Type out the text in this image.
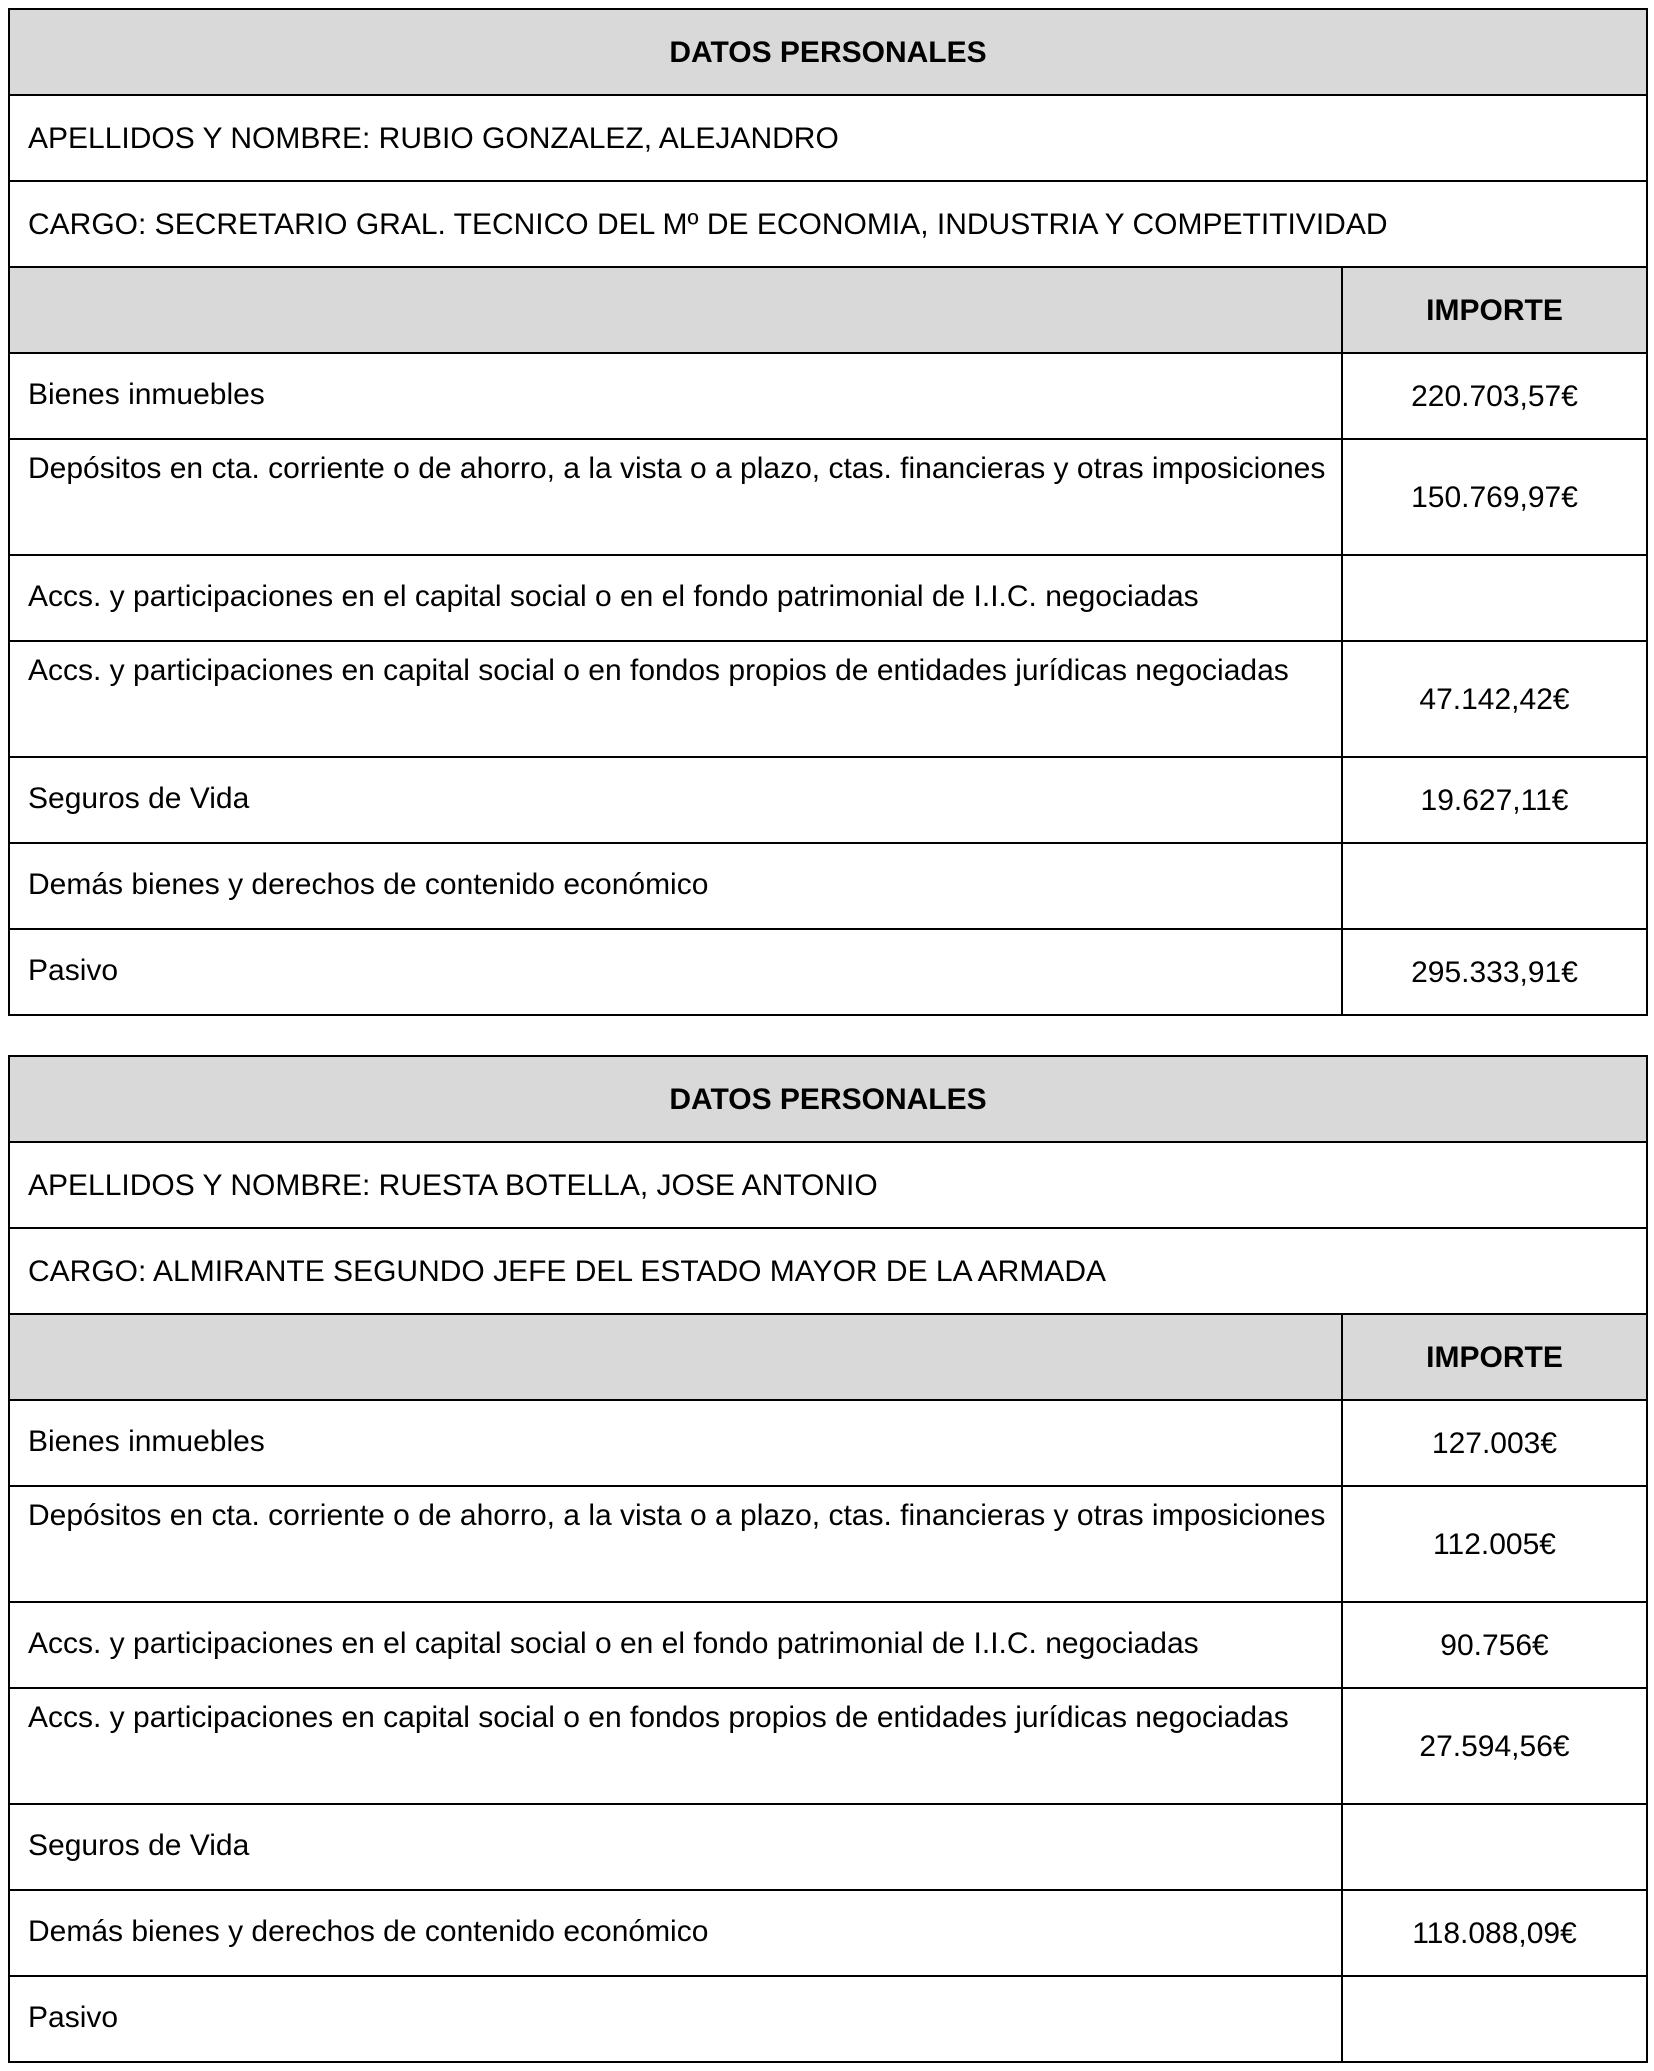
DATOS PERSONALES	
APELLIDOS Y NOMBRE: RUBIO GONZALEZ, ALEJANDRO	
CARGO: SECRETARIO GRAL. TECNICO DEL Mº DE ECONOMIA, INDUSTRIA Y COMPETITIVIDAD	
	IMPORTE

Bienes inmuebles	220.703,57€

Depósitos en cta. corriente o de ahorro, a la vista o a plazo, ctas. financieras y otras imposiciones	150.769,97€

Accs. y participaciones en el capital social o en el fondo patrimonial de I.I.C. negociadas	

Accs. y participaciones en capital social o en fondos propios de entidades jurídicas negociadas	47.142,42€

Seguros de Vida	19.627,11€

Demás bienes y derechos de contenido económico	

Pasivo	295.333,91€
DATOS PERSONALES	
APELLIDOS Y NOMBRE: RUESTA BOTELLA, JOSE ANTONIO	
CARGO: ALMIRANTE SEGUNDO JEFE DEL ESTADO MAYOR DE LA ARMADA	
	IMPORTE

Bienes inmuebles	127.003€

Depósitos en cta. corriente o de ahorro, a la vista o a plazo, ctas. financieras y otras imposiciones	112.005€

Accs. y participaciones en el capital social o en el fondo patrimonial de I.I.C. negociadas	90.756€

Accs. y participaciones en capital social o en fondos propios de entidades jurídicas negociadas	27.594,56€

Seguros de Vida	

Demás bienes y derechos de contenido económico	118.088,09€

Pasivo	
